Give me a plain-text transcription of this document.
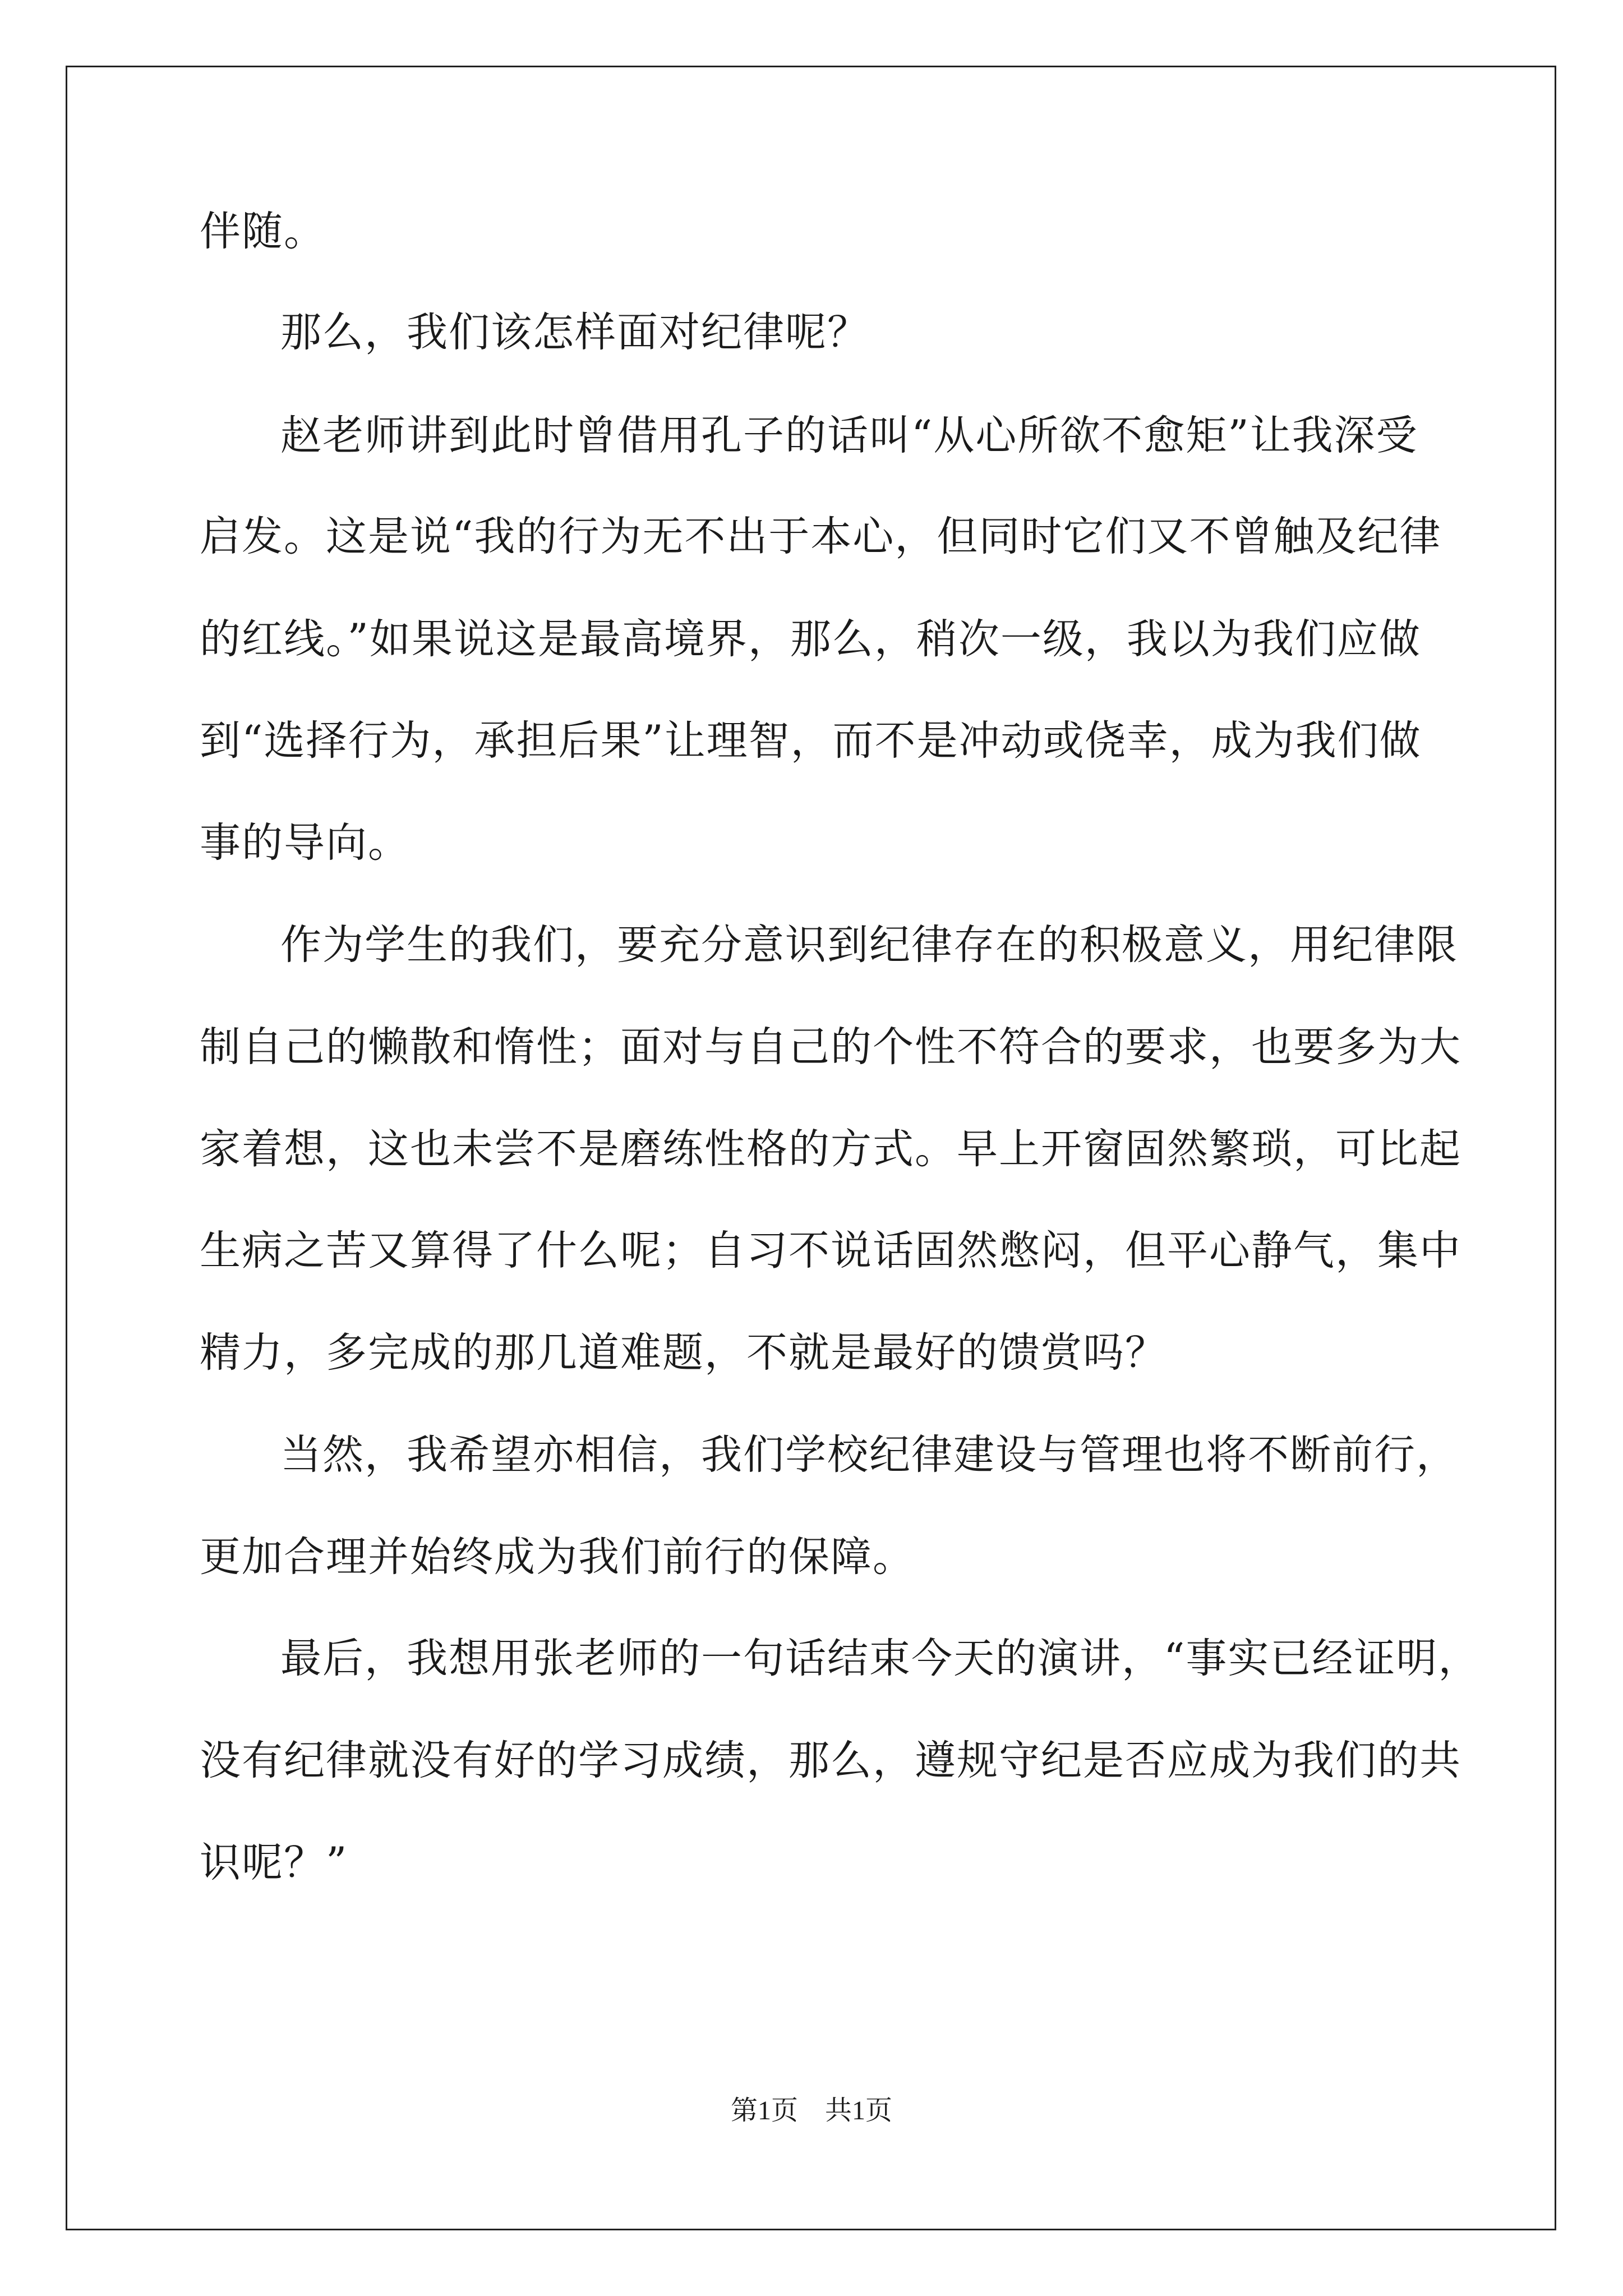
伴随。
那么，我们该怎样面对纪律呢？
赵老师讲到此时曾借用孔子的话叫“从心所欲不愈矩”让我深受
启发。这是说“我的行为无不出于本心，但同时它们又不曾触及纪律
的红线。”如果说这是最高境界，那么，稍次一级，我以为我们应做
到“选择行为，承担后果”让理智，而不是冲动或侥幸，成为我们做
事的导向。
作为学生的我们，要充分意识到纪律存在的积极意义，用纪律限
制自己的懒散和惰性；面对与自己的个性不符合的要求，也要多为大
家着想，这也未尝不是磨练性格的方式。早上开窗固然繁琐，可比起
生病之苦又算得了什么呢；自习不说话固然憋闷，但平心静气，集中
精力，多完成的那几道难题，不就是最好的馈赏吗？
当然，我希望亦相信，我们学校纪律建设与管理也将不断前行，
更加合理并始终成为我们前行的保障。
最后，我想用张老师的一句话结束今天的演讲，“事实已经证明，
没有纪律就没有好的学习成绩，那么，遵规守纪是否应成为我们的共
识呢？”
第1页 共1页
